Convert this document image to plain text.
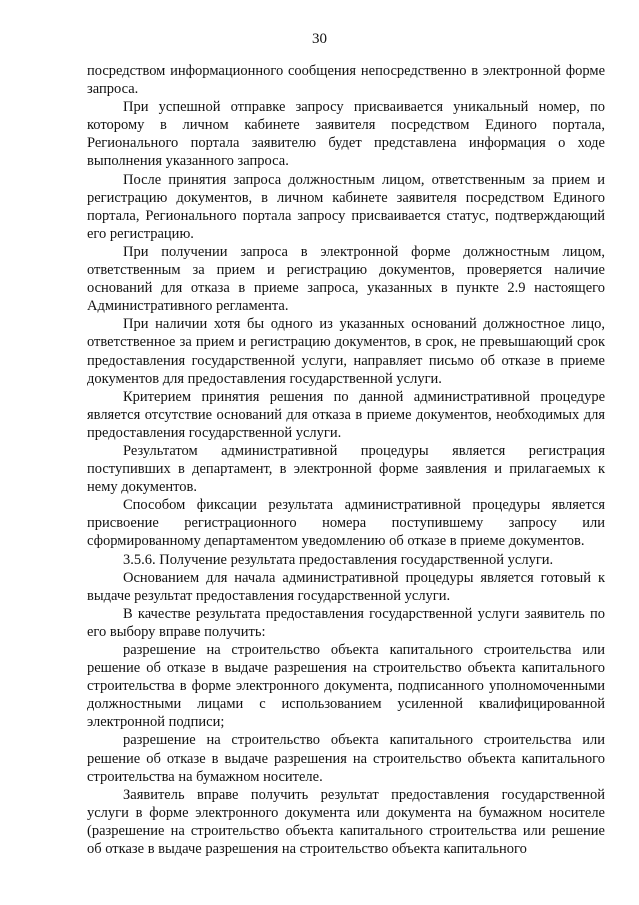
30

посредством информационного сообщения непосредственно в электронной форме запроса.

При успешной отправке запросу присваивается уникальный номер, по которому в личном кабинете заявителя посредством Единого портала, Регионального портала заявителю будет представлена информация о ходе выполнения указанного запроса.

После принятия запроса должностным лицом, ответственным за прием и регистрацию документов, в личном кабинете заявителя посредством Единого портала, Регионального портала запросу присваивается статус, подтверждающий его регистрацию.

При получении запроса в электронной форме должностным лицом, ответственным за прием и регистрацию документов, проверяется наличие оснований для отказа в приеме запроса, указанных в пункте 2.9 настоящего Административного регламента.

При наличии хотя бы одного из указанных оснований должностное лицо, ответственное за прием и регистрацию документов, в срок, не превышающий срок предоставления государственной услуги, направляет письмо об отказе в приеме документов для предоставления государственной услуги.

Критерием принятия решения по данной административной процедуре является отсутствие оснований для отказа в приеме документов, необходимых для предоставления государственной услуги.

Результатом административной процедуры является регистрация поступивших в департамент, в электронной форме заявления и прилагаемых к нему документов.

Способом фиксации результата административной процедуры является присвоение регистрационного номера поступившему запросу или сформированному департаментом уведомлению об отказе в приеме документов.

3.5.6. Получение результата предоставления государственной услуги.

Основанием для начала административной процедуры является готовый к выдаче результат предоставления государственной услуги.

В качестве результата предоставления государственной услуги заявитель по его выбору вправе получить:

разрешение на строительство объекта капитального строительства или решение об отказе в выдаче разрешения на строительство объекта капитального строительства в форме электронного документа, подписанного уполномоченными должностными лицами с использованием усиленной квалифицированной электронной подписи;

разрешение на строительство объекта капитального строительства или решение об отказе в выдаче разрешения на строительство объекта капитального строительства на бумажном носителе.

Заявитель вправе получить результат предоставления государственной услуги в форме электронного документа или документа на бумажном носителе (разрешение на строительство объекта капитального строительства или решение об отказе в выдаче разрешения на строительство объекта капитального
